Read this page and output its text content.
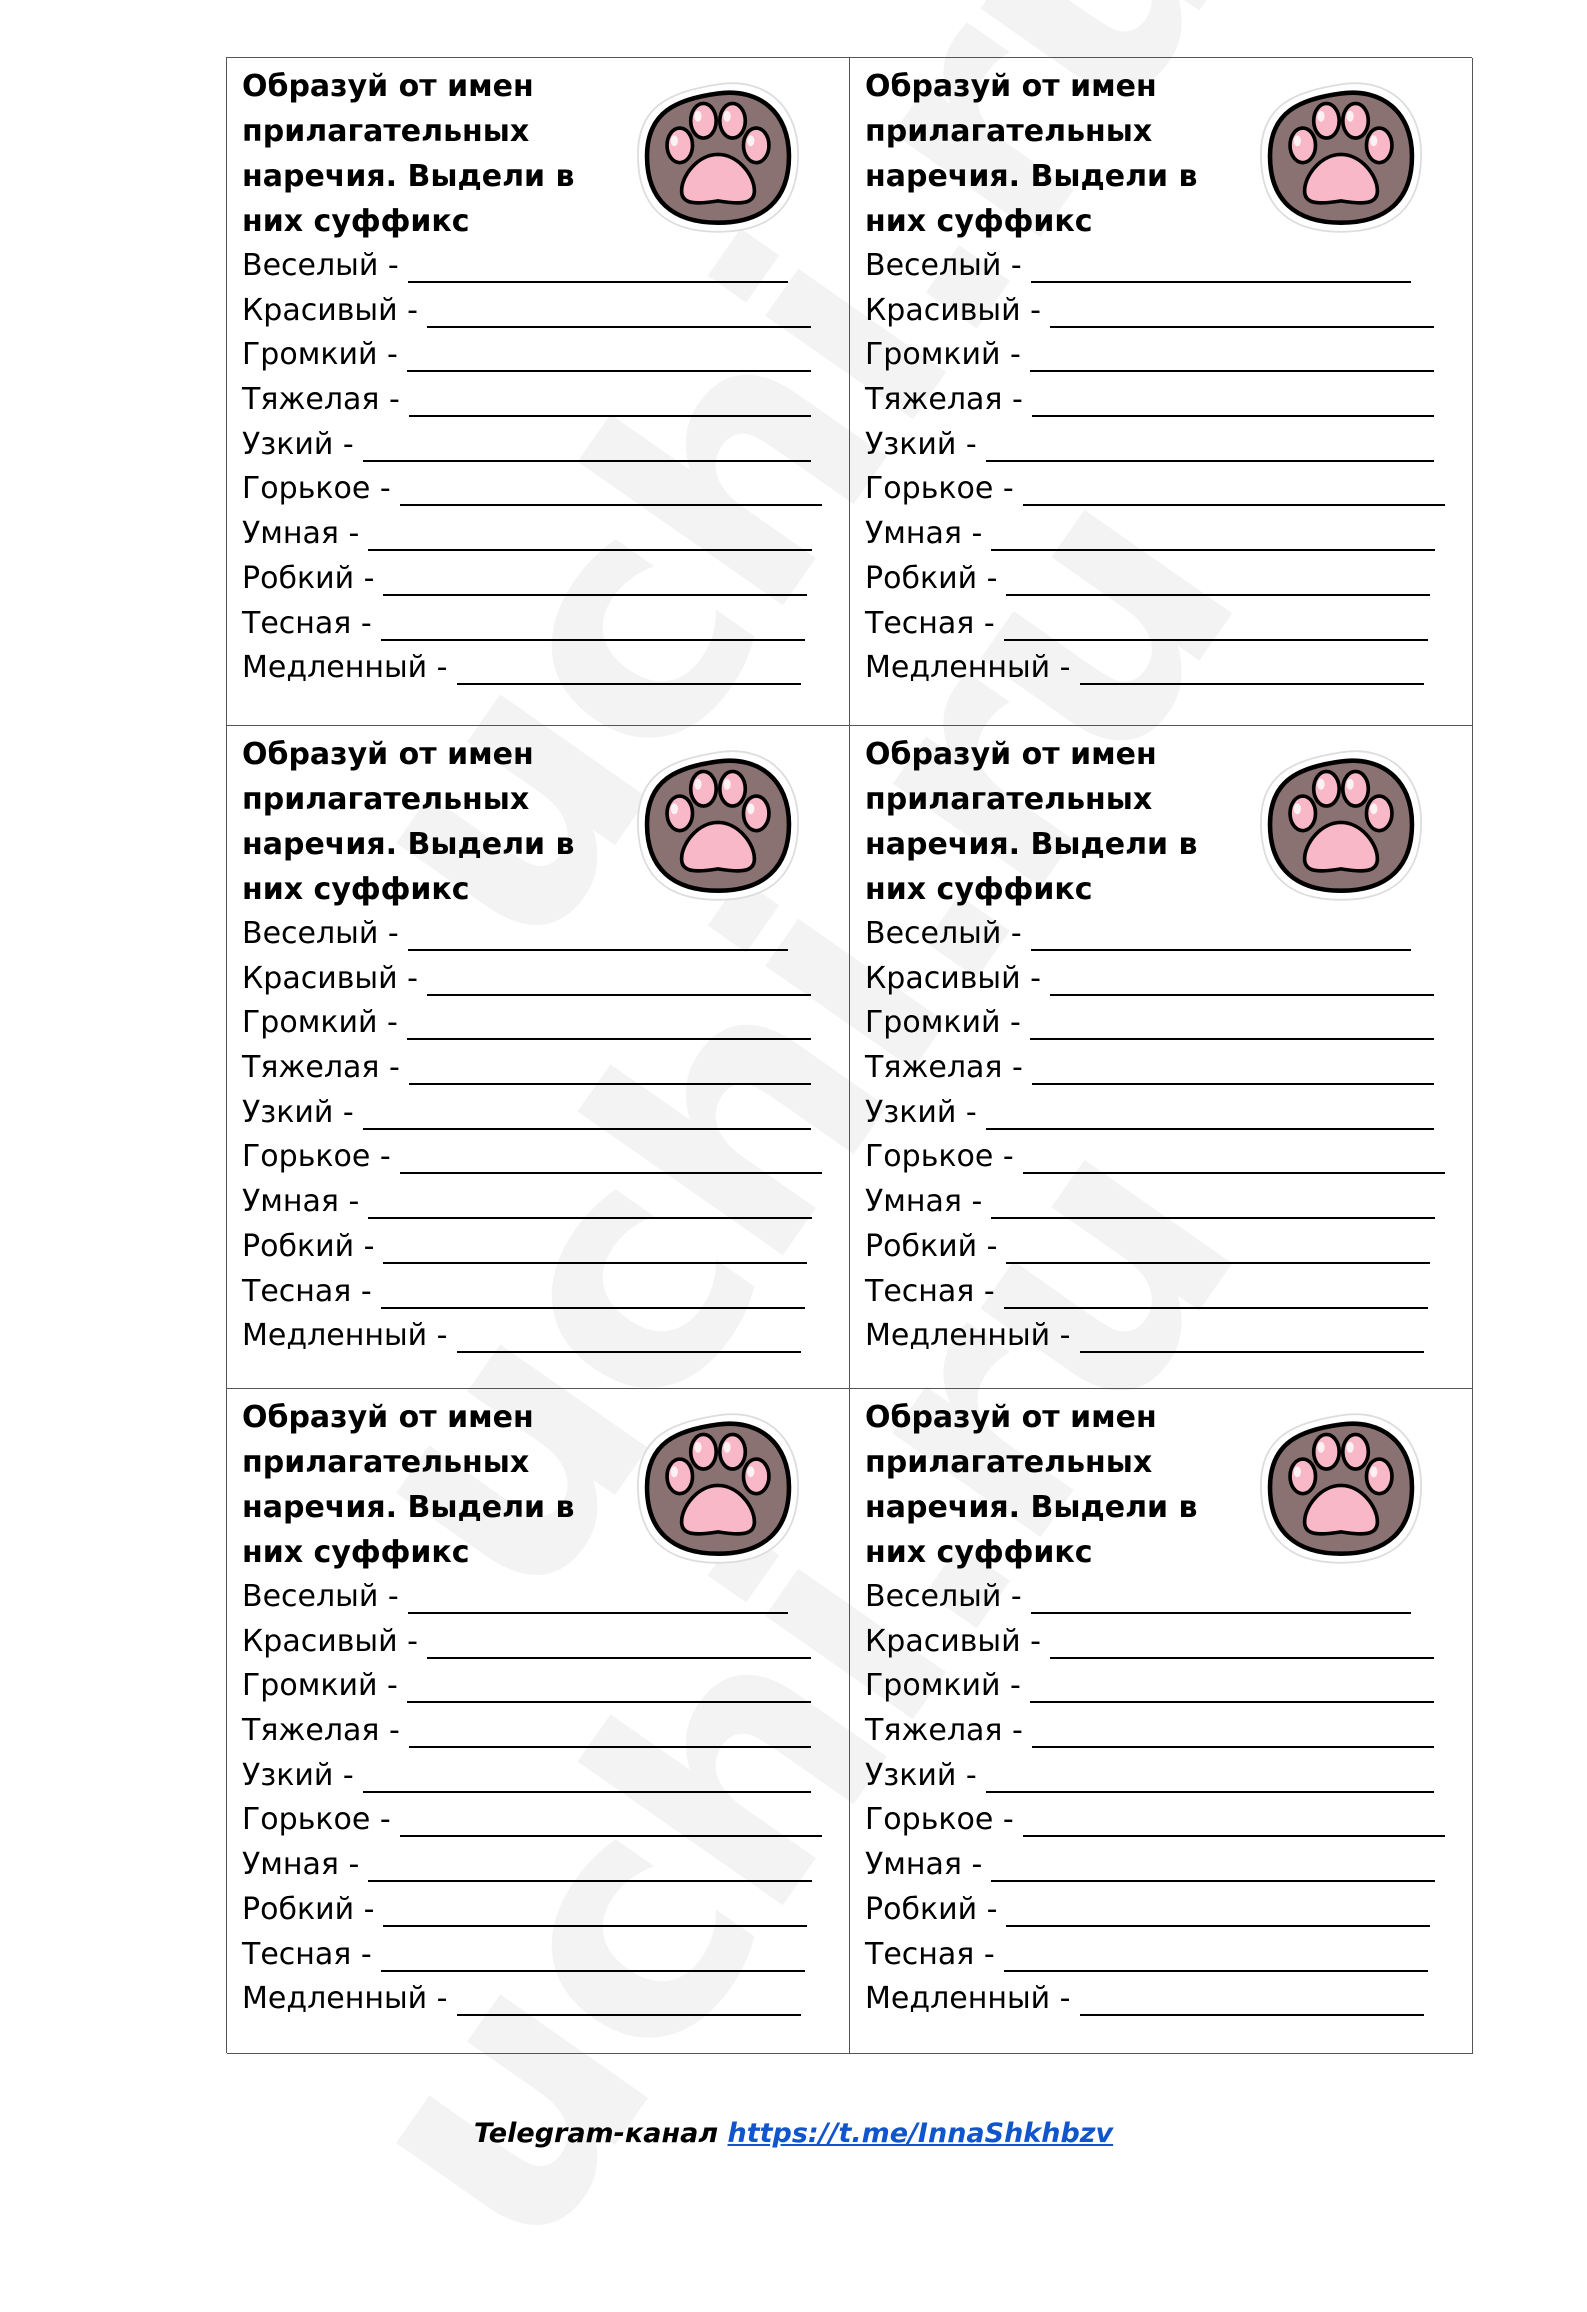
Образуй от имен прилагательных наречия. Выдели в них суффикс

Веселый -
Красивый -
Громкий -
Тяжелая -
Узкий -
Горькое -
Умная -
Робкий -
Тесная -
Медленный -

Образуй от имен прилагательных наречия. Выдели в них суффикс

Веселый -
Красивый -
Громкий -
Тяжелая -
Узкий -
Горькое -
Умная -
Робкий -
Тесная -
Медленный -

Образуй от имен прилагательных наречия. Выдели в них суффикс

Веселый -
Красивый -
Громкий -
Тяжелая -
Узкий -
Горькое -
Умная -
Робкий -
Тесная -
Медленный -

Образуй от имен прилагательных наречия. Выдели в них суффикс

Веселый -
Красивый -
Громкий -
Тяжелая -
Узкий -
Горькое -
Умная -
Робкий -
Тесная -
Медленный -

Образуй от имен прилагательных наречия. Выдели в них суффикс

Веселый -
Красивый -
Громкий -
Тяжелая -
Узкий -
Горькое -
Умная -
Робкий -
Тесная -
Медленный -

Образуй от имен прилагательных наречия. Выдели в них суффикс

Веселый -
Красивый -
Громкий -
Тяжелая -
Узкий -
Горькое -
Умная -
Робкий -
Тесная -
Медленный -
Telegram-канал https://t.me/InnaShkhbzv
